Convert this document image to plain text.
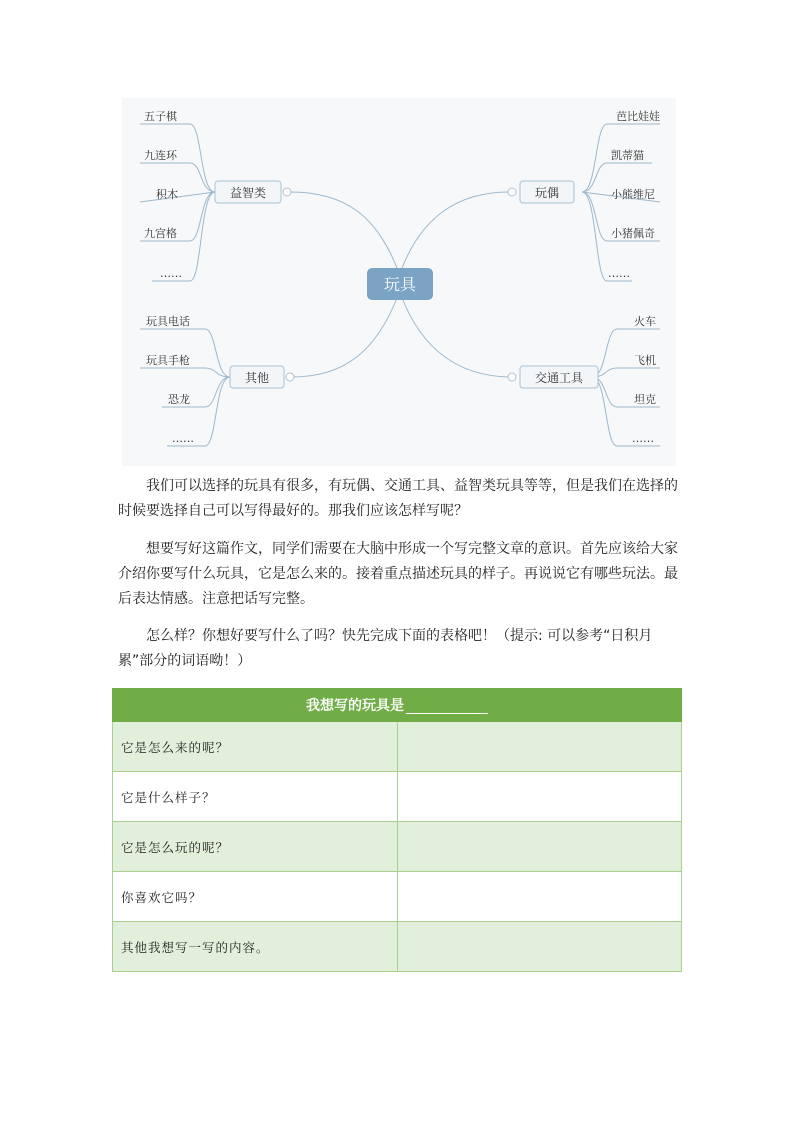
玩具
益智类	玩偶
其他	交通工具
五子棋
九连环
积木
九宫格
……
芭比娃娃
凯蒂猫
小熊维尼
小猪佩奇
……
玩具电话
玩具手枪
恐龙
……
火车
飞机
坦克
……

我们可以选择的玩具有很多，有玩偶、交通工具、益智类玩具等等，但是我们在选择的时候要选择自己可以写得最好的。那我们应该怎样写呢？

想要写好这篇作文，同学们需要在大脑中形成一个写完整文章的意识。首先应该给大家介绍你要写什么玩具，它是怎么来的。接着重点描述玩具的样子。再说说它有哪些玩法。最后表达情感。注意把话写完整。

怎么样？你想好要写什么了吗？快先完成下面的表格吧！（提示: 可以参考“日积月累”部分的词语呦！）

我想写的玩具是	
它是怎么来的呢？	
它是什么样子？	
它是怎么玩的呢？	
你喜欢它吗？	
其他我想写一写的内容。	
